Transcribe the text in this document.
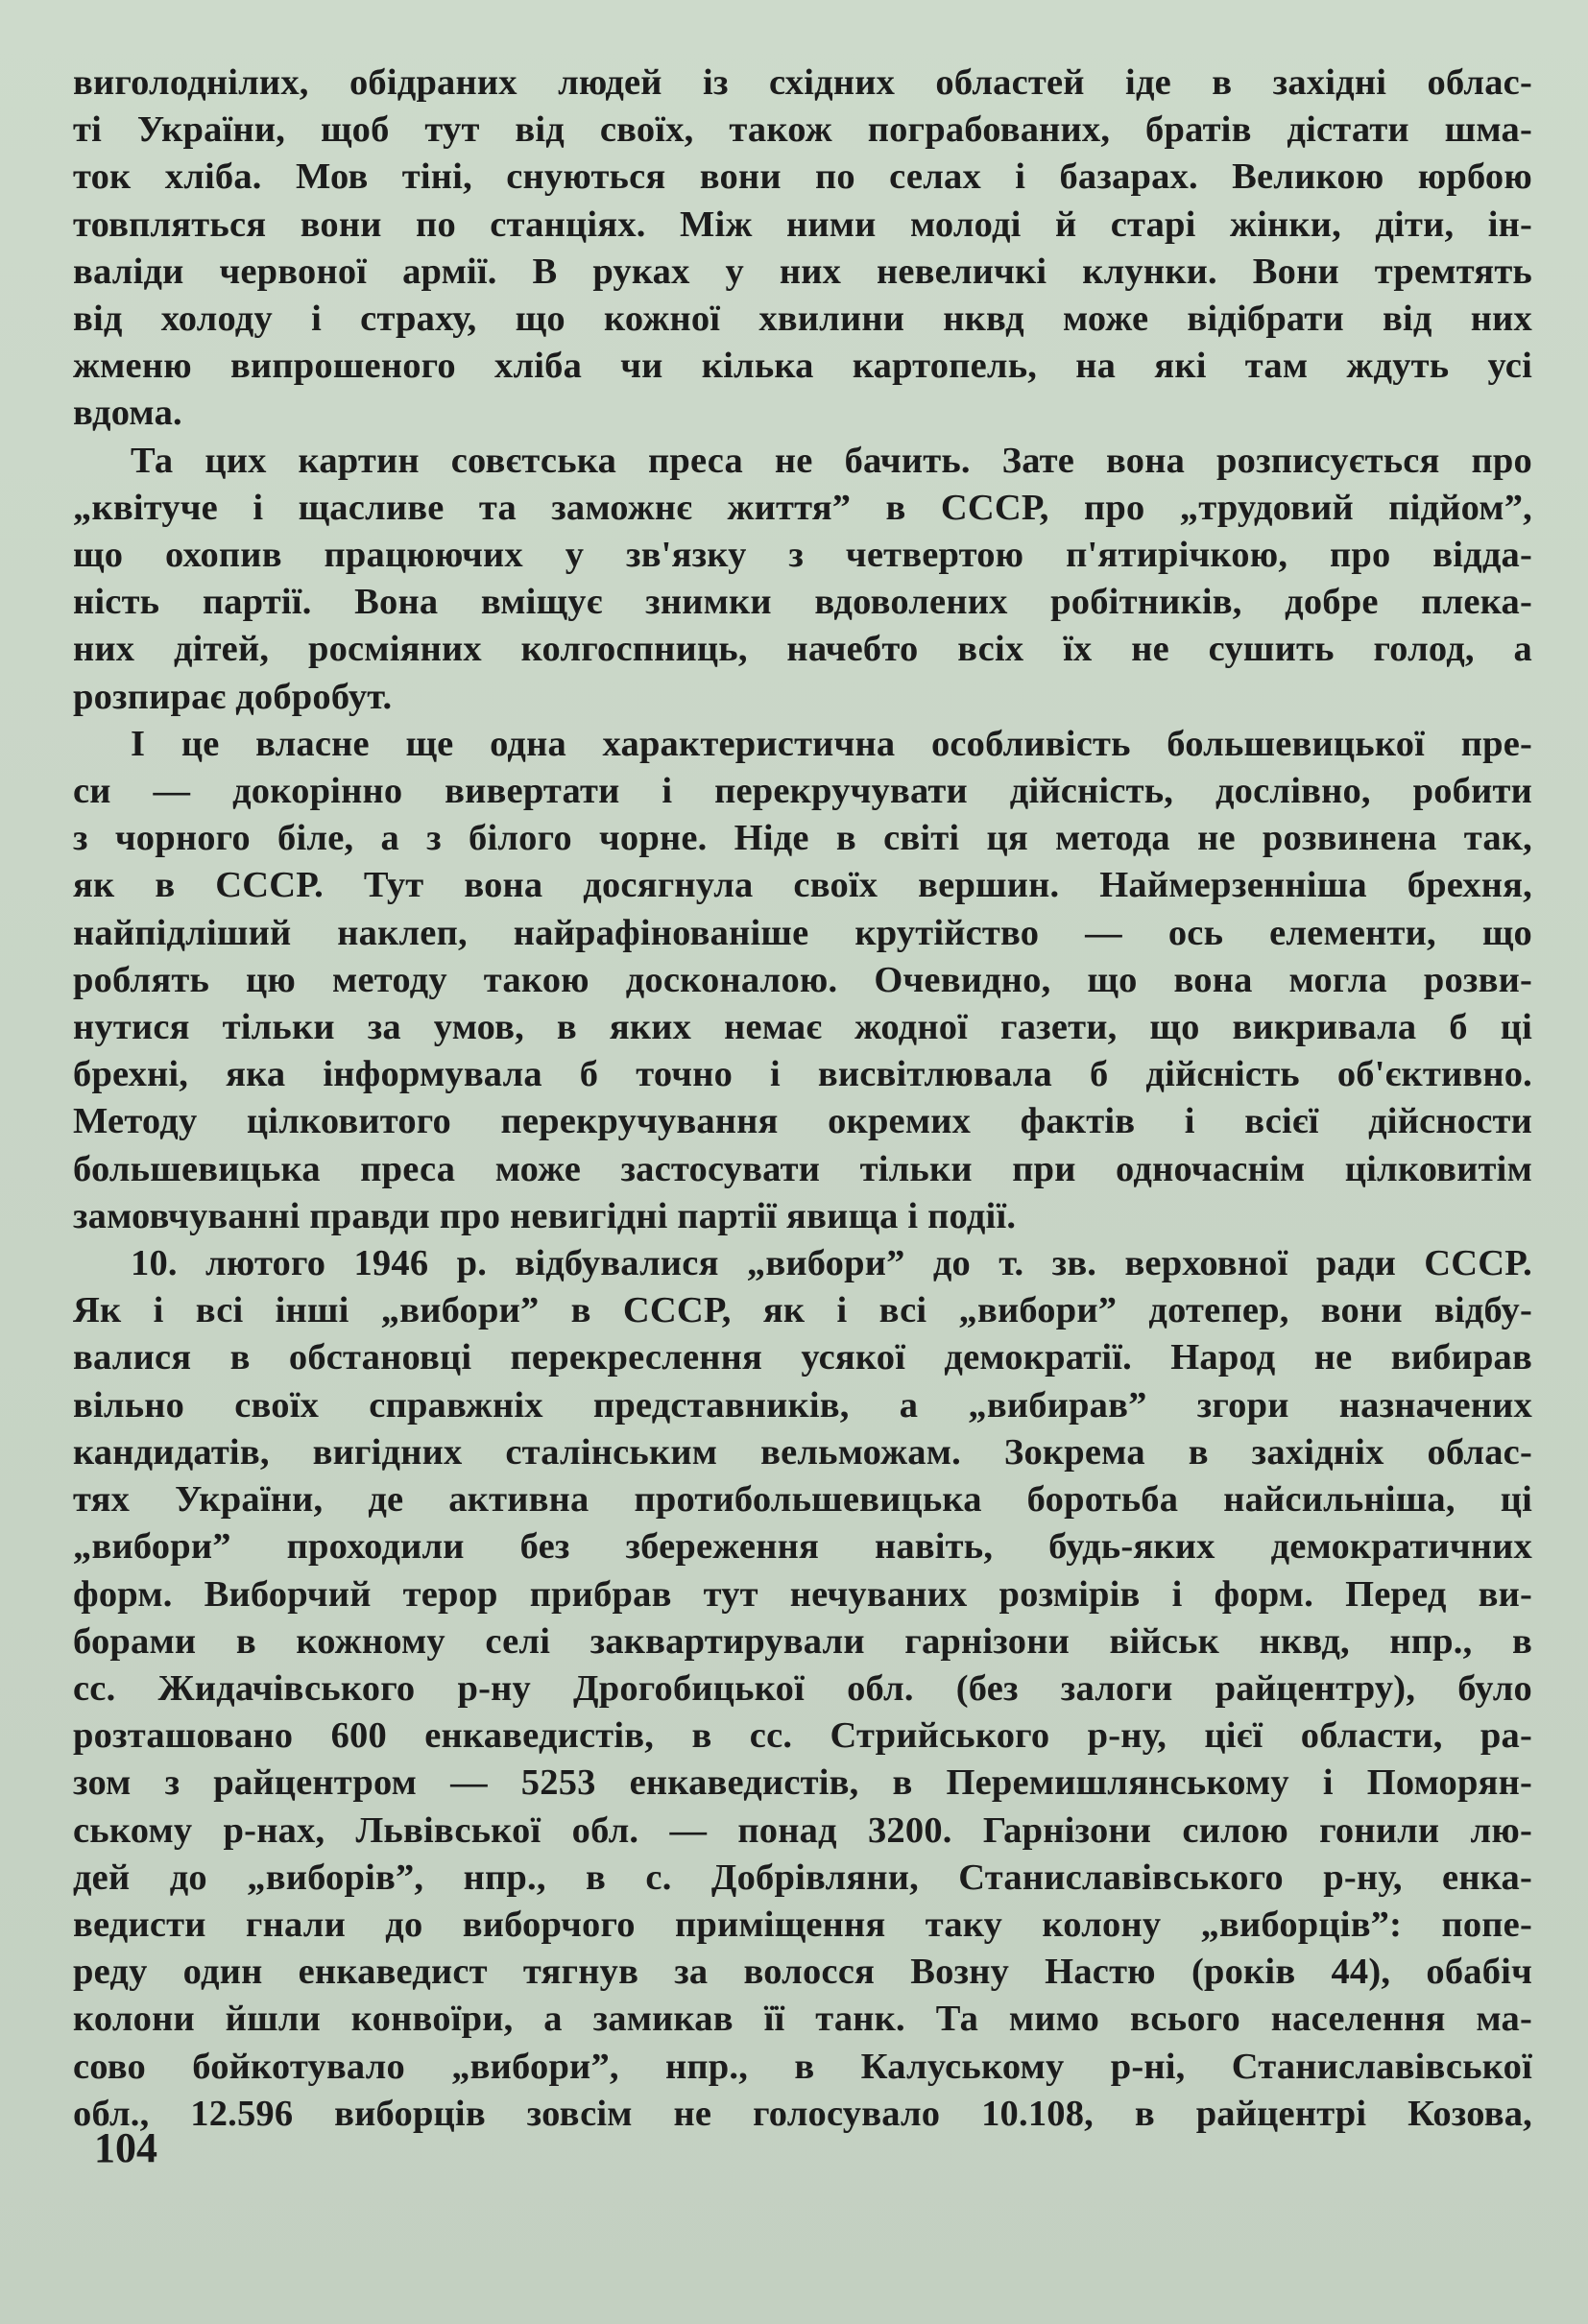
виголоднілих, обідраних людей із східних областей іде в західні облас-
ті України, щоб тут від своїх, також пограбованих, братів дістати шма-
ток хліба. Мов тіні, снуються вони по селах і базарах. Великою юрбою
товпляться вони по станціях. Між ними молоді й старі жінки, діти, ін-
валіди червоної армії. В руках у них невеличкі клунки. Вони тремтять
від холоду і страху, що кожної хвилини нквд може відібрати від них
жменю випрошеного хліба чи кілька картопель, на які там ждуть усі
вдома.
Та цих картин совєтська преса не бачить. Зате вона розписується про
„квітуче і щасливе та заможнє життя” в СССР, про „трудовий підйом”,
що охопив працюючих у зв'язку з четвертою п'ятирічкою, про відда-
ність партії. Вона вміщує знимки вдоволених робітників, добре плека-
них дітей, росміяних колгоспниць, начебто всіх їх не сушить голод, а
розпирає добробут.
І це власне ще одна характеристична особливість большевицької пре-
си — докорінно вивертати і перекручувати дійсність, дослівно, робити
з чорного біле, а з білого чорне. Ніде в світі ця метода не розвинена так,
як в СССР. Тут вона досягнула своїх вершин. Наймерзенніша брехня,
найпідліший наклеп, найрафінованіше крутійство — ось елементи, що
роблять цю методу такою досконалою. Очевидно, що вона могла розви-
нутися тільки за умов, в яких немає жодної газети, що викривала б ці
брехні, яка інформувала б точно і висвітлювала б дійсність об'єктивно.
Методу цілковитого перекручування окремих фактів і всієї дійсности
большевицька преса може застосувати тільки при одночаснім цілковитім
замовчуванні правди про невигідні партії явища і події.
10. лютого 1946 р. відбувалися „вибори” до т. зв. верховної ради СССР.
Як і всі інші „вибори” в СССР, як і всі „вибори” дотепер, вони відбу-
валися в обстановці перекреслення усякої демократії. Народ не вибирав
вільно своїх справжніх представників, а „вибирав” згори назначених
кандидатів, вигідних сталінським вельможам. Зокрема в західніх облас-
тях України, де активна протибольшевицька боротьба найсильніша, ці
„вибори” проходили без збереження навіть, будь-яких демократичних
форм. Виборчий терор прибрав тут нечуваних розмірів і форм. Перед ви-
борами в кожному селі заквартирували гарнізони військ нквд, нпр., в
сс. Жидачівського р-ну Дрогобицької обл. (без залоги райцентру), було
розташовано 600 енкаведистів, в сс. Стрийського р-ну, цієї области, ра-
зом з райцентром — 5253 енкаведистів, в Перемишлянському і Поморян-
ському р-нах, Львівської обл. — понад 3200. Гарнізони силою гонили лю-
дей до „виборів”, нпр., в с. Добрівляни, Станиславівського р-ну, енка-
ведисти гнали до виборчого приміщення таку колону „виборців”: попе-
реду один енкаведист тягнув за волосся Возну Настю (років 44), обабіч
колони йшли конвоїри, а замикав її танк. Та мимо всього населення ма-
сово бойкотувало „вибори”, нпр., в Калуському р-ні, Станиславівської
обл., 12.596 виборців зовсім не голосувало 10.108, в райцентрі Козова,
104
